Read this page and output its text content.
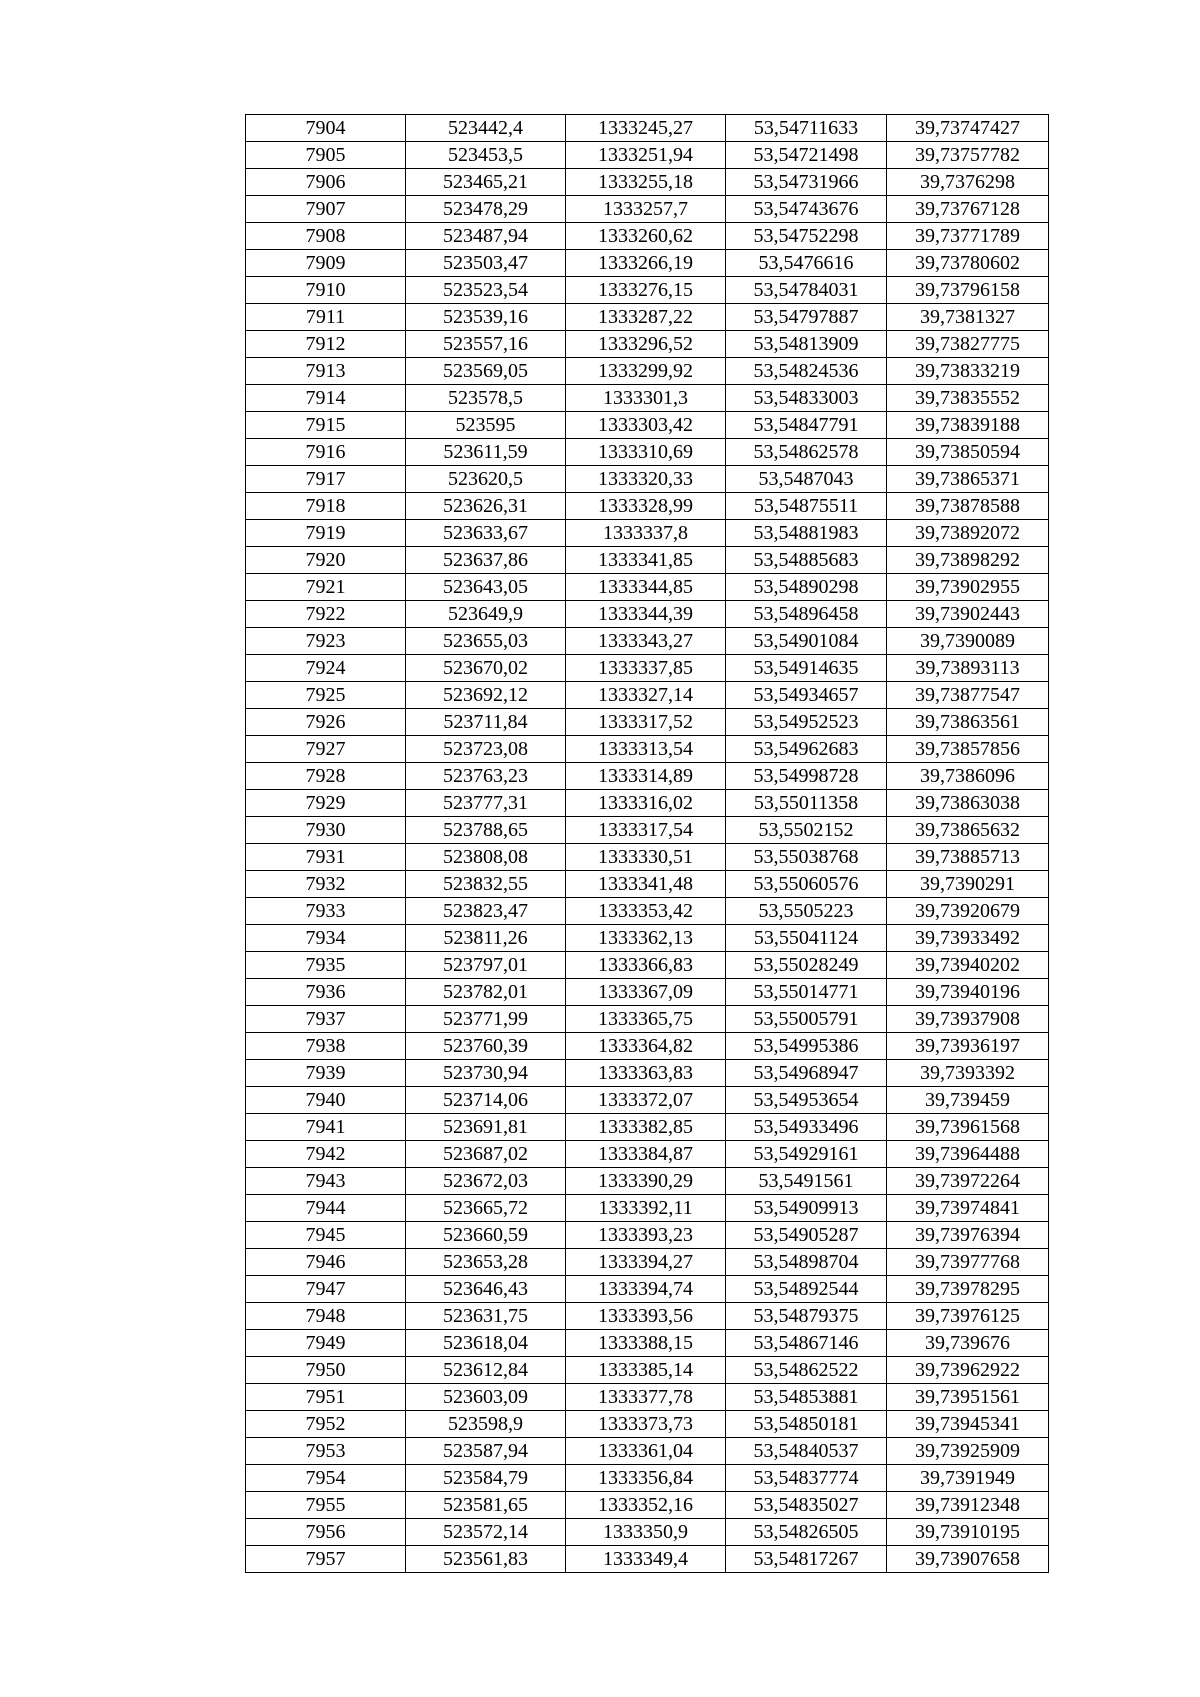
7904	523442,4	1333245,27	53,54711633	39,73747427
7905	523453,5	1333251,94	53,54721498	39,73757782
7906	523465,21	1333255,18	53,54731966	39,7376298
7907	523478,29	1333257,7	53,54743676	39,73767128
7908	523487,94	1333260,62	53,54752298	39,73771789
7909	523503,47	1333266,19	53,5476616	39,73780602
7910	523523,54	1333276,15	53,54784031	39,73796158
7911	523539,16	1333287,22	53,54797887	39,7381327
7912	523557,16	1333296,52	53,54813909	39,73827775
7913	523569,05	1333299,92	53,54824536	39,73833219
7914	523578,5	1333301,3	53,54833003	39,73835552
7915	523595	1333303,42	53,54847791	39,73839188
7916	523611,59	1333310,69	53,54862578	39,73850594
7917	523620,5	1333320,33	53,5487043	39,73865371
7918	523626,31	1333328,99	53,54875511	39,73878588
7919	523633,67	1333337,8	53,54881983	39,73892072
7920	523637,86	1333341,85	53,54885683	39,73898292
7921	523643,05	1333344,85	53,54890298	39,73902955
7922	523649,9	1333344,39	53,54896458	39,73902443
7923	523655,03	1333343,27	53,54901084	39,7390089
7924	523670,02	1333337,85	53,54914635	39,73893113
7925	523692,12	1333327,14	53,54934657	39,73877547
7926	523711,84	1333317,52	53,54952523	39,73863561
7927	523723,08	1333313,54	53,54962683	39,73857856
7928	523763,23	1333314,89	53,54998728	39,7386096
7929	523777,31	1333316,02	53,55011358	39,73863038
7930	523788,65	1333317,54	53,5502152	39,73865632
7931	523808,08	1333330,51	53,55038768	39,73885713
7932	523832,55	1333341,48	53,55060576	39,7390291
7933	523823,47	1333353,42	53,5505223	39,73920679
7934	523811,26	1333362,13	53,55041124	39,73933492
7935	523797,01	1333366,83	53,55028249	39,73940202
7936	523782,01	1333367,09	53,55014771	39,73940196
7937	523771,99	1333365,75	53,55005791	39,73937908
7938	523760,39	1333364,82	53,54995386	39,73936197
7939	523730,94	1333363,83	53,54968947	39,7393392
7940	523714,06	1333372,07	53,54953654	39,739459
7941	523691,81	1333382,85	53,54933496	39,73961568
7942	523687,02	1333384,87	53,54929161	39,73964488
7943	523672,03	1333390,29	53,5491561	39,73972264
7944	523665,72	1333392,11	53,54909913	39,73974841
7945	523660,59	1333393,23	53,54905287	39,73976394
7946	523653,28	1333394,27	53,54898704	39,73977768
7947	523646,43	1333394,74	53,54892544	39,73978295
7948	523631,75	1333393,56	53,54879375	39,73976125
7949	523618,04	1333388,15	53,54867146	39,739676
7950	523612,84	1333385,14	53,54862522	39,73962922
7951	523603,09	1333377,78	53,54853881	39,73951561
7952	523598,9	1333373,73	53,54850181	39,73945341
7953	523587,94	1333361,04	53,54840537	39,73925909
7954	523584,79	1333356,84	53,54837774	39,7391949
7955	523581,65	1333352,16	53,54835027	39,73912348
7956	523572,14	1333350,9	53,54826505	39,73910195
7957	523561,83	1333349,4	53,54817267	39,73907658
